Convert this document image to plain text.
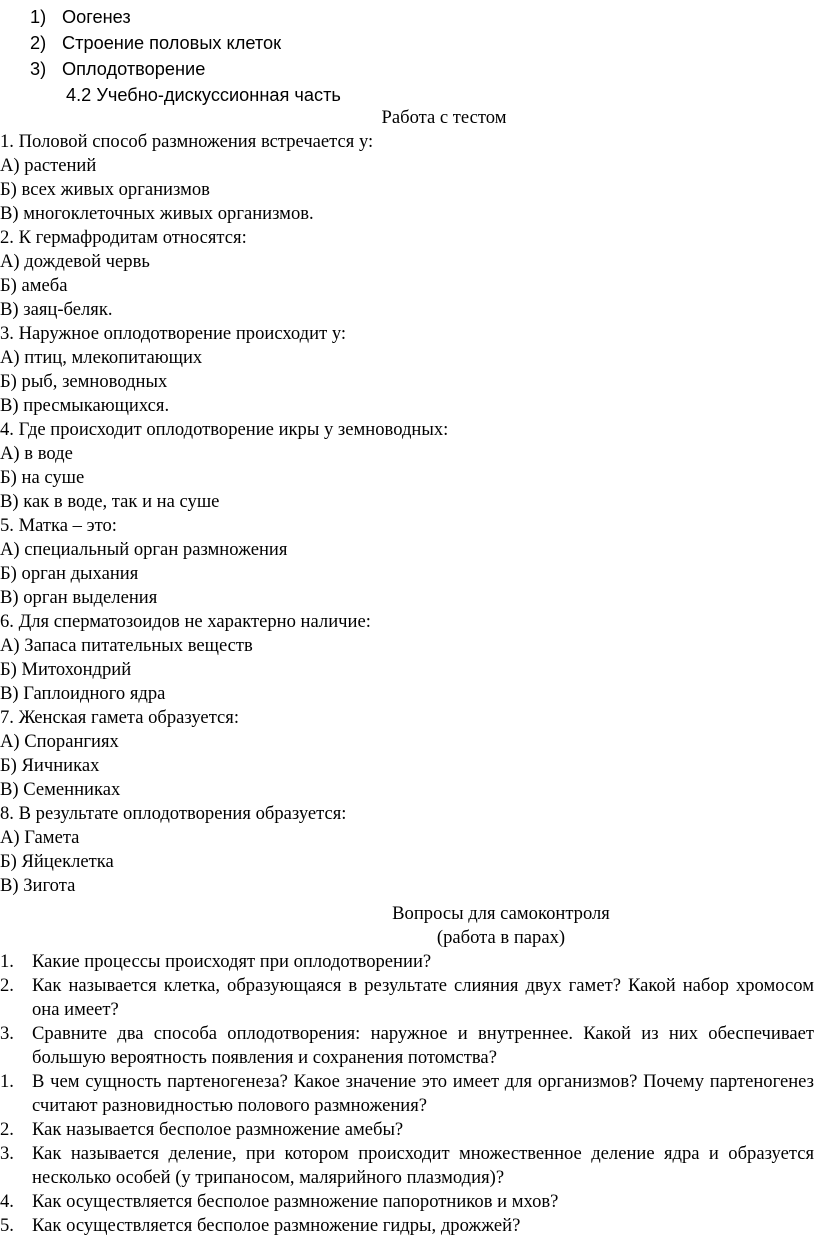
1) Оогенез
2) Строение половых клеток
3) Оплодотворение
4.2 Учебно-дискуссионная часть
Работа с тестом
1. Половой способ размножения встречается у:
А) растений
Б) всех живых организмов
В) многоклеточных живых организмов.
2. К гермафродитам относятся:
А) дождевой червь
Б) амеба
В) заяц-беляк.
3. Наружное оплодотворение происходит у:
А) птиц, млекопитающих
Б) рыб, земноводных
В) пресмыкающихся.
4. Где происходит оплодотворение икры у земноводных:
А) в воде
Б) на суше
В) как в воде, так и на суше
5. Матка – это:
А) специальный орган размножения
Б) орган дыхания
В) орган выделения
6. Для сперматозоидов не характерно наличие:
А) Запаса питательных веществ
Б) Митохондрий
В) Гаплоидного ядра
7. Женская гамета образуется:
А) Спорангиях
Б) Яичниках
В) Семенниках
8. В результате оплодотворения образуется:
А) Гамета
Б) Яйцеклетка
В) Зигота
Вопросы для самоконтроля
(работа в парах)
1. Какие процессы происходят при оплодотворении?
2. Как называется клетка, образующаяся в результате слияния двух гамет? Какой набор хромосом она имеет?
3. Сравните два способа оплодотворения: наружное и внутреннее. Какой из них обеспечивает большую вероятность появления и сохранения потомства?
1. В чем сущность партеногенеза? Какое значение это имеет для организмов? Почему партеногенез считают разновидностью полового размножения?
2. Как называется бесполое размножение амебы?
3. Как называется деление, при котором происходит множественное деление ядра и образуется несколько особей (у трипаносом, малярийного плазмодия)?
4. Как осуществляется бесполое размножение папоротников и мхов?
5. Как осуществляется бесполое размножение гидры, дрожжей?
